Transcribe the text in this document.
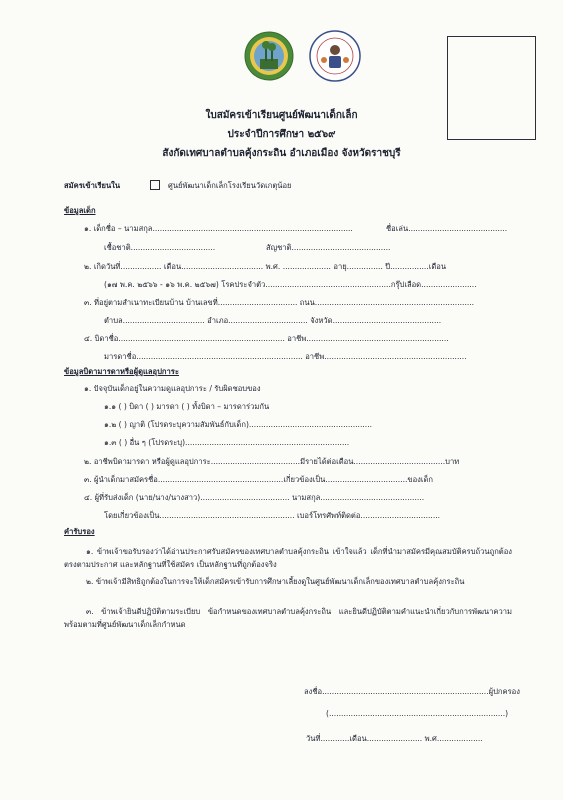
ใบสมัครเข้าเรียนศูนย์พัฒนาเด็กเล็ก
ประจำปีการศึกษา ๒๕๖๙
สังกัดเทศบาลตำบลคุ้งกระถิน อำเภอเมือง จังหวัดราชบุรี
สมัครเข้าเรียนใน	ศูนย์พัฒนาเด็กเล็กโรงเรียนวัดเกตุน้อย
ข้อมูลเด็ก
๑. เด็กชื่อ – นามสกุล...................................................................................	ชื่อเล่น.........................................
เชื้อชาติ...................................	สัญชาติ.........................................
๒. เกิดวันที่................. เดือน.................................. พ.ศ. .................... อายุ............... ปี................เดือน
(๑๗ พ.ค. ๒๕๖๖ - ๑๖ พ.ค. ๒๕๖๗) โรคประจำตัว....................................................กรุ๊ปเลือด.......................
๓. ที่อยู่ตามสำเนาทะเบียนบ้าน บ้านเลขที่................................. ถนน..................................................................
ตำบล.................................. อำเภอ................................. จังหวัด.............................................
๔. บิดาชื่อ..................................................................... อาชีพ...........................................................
มารดาชื่อ..................................................................... อาชีพ...........................................................
ข้อมูลบิดามารดาหรือผู้ดูแลอุปการะ
๑. ปัจจุบันเด็กอยู่ในความดูแลอุปการะ / รับผิดชอบของ
๑.๑ ( ) บิดา ( ) มารดา ( ) ทั้งบิดา – มารดาร่วมกัน
๑.๒ ( ) ญาติ (โปรดระบุความสัมพันธ์กับเด็ก)...................................................
๑.๓ ( ) อื่น ๆ (โปรดระบุ)....................................................................
๒. อาชีพบิดามารดา หรือผู้ดูแลอุปการะ.....................................มีรายได้ต่อเดือน......................................บาท
๓. ผู้นำเด็กมาสมัครชื่อ....................................................เกี่ยวข้องเป็น..................................ของเด็ก
๔. ผู้ที่รับส่งเด็ก (นาย/นาง/นางสาว)..................................... นามสกุล...........................................
โดยเกี่ยวข้องเป็น........................................................ เบอร์โทรศัพท์ติดต่อ.................................
คำรับรอง
๑. ข้าพเจ้าขอรับรองว่าได้อ่านประกาศรับสมัครของเทศบาลตำบลคุ้งกระถิน เข้าใจแล้ว เด็กที่นำมาสมัครมีคุณสมบัติครบถ้วนถูกต้องตรงตามประกาศ และหลักฐานที่ใช้สมัคร เป็นหลักฐานที่ถูกต้องจริง
๒. ข้าพเจ้ามีสิทธิถูกต้องในการจะให้เด็กสมัครเข้ารับการศึกษาเลี้ยงดูในศูนย์พัฒนาเด็กเล็กของเทศบาลตำบลคุ้งกระถิน
๓. ข้าพเจ้ายินดีปฏิบัติตามระเบียบ ข้อกำหนดของเทศบาลตำบลคุ้งกระถิน และยินดีปฏิบัติตามคำแนะนำเกี่ยวกับการพัฒนาความพร้อมตามที่ศูนย์พัฒนาเด็กเล็กกำหนด
ลงชื่อ.....................................................................ผู้ปกครอง
(.........................................................................)
วันที่............เดือน....................... พ.ศ...................
